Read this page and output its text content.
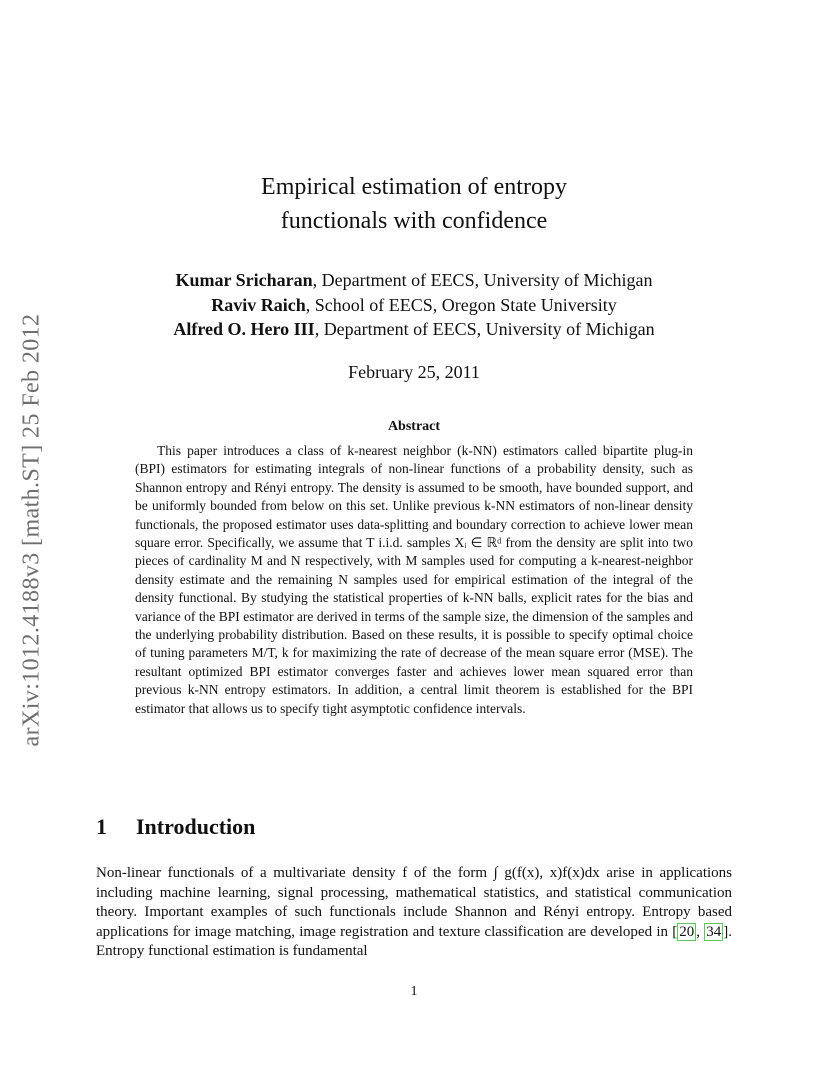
arXiv:1012.4188v3 [math.ST] 25 Feb 2012
Empirical estimation of entropy
functionals with confidence
Kumar Sricharan, Department of EECS, University of Michigan
Raviv Raich, School of EECS, Oregon State University
Alfred O. Hero III, Department of EECS, University of Michigan
February 25, 2011
Abstract

This paper introduces a class of k-nearest neighbor (k-NN) estimators called bipartite plug-in (BPI) estimators for estimating integrals of non-linear functions of a probability density, such as Shannon entropy and Rényi entropy. The density is assumed to be smooth, have bounded support, and be uniformly bounded from below on this set. Unlike previous k-NN estimators of non-linear density functionals, the proposed estimator uses data-splitting and boundary correction to achieve lower mean square error. Specifically, we assume that T i.i.d. samples Xᵢ ∈ ℝᵈ from the density are split into two pieces of cardinality M and N respectively, with M samples used for computing a k-nearest-neighbor density estimate and the remaining N samples used for empirical estimation of the integral of the density functional. By studying the statistical properties of k-NN balls, explicit rates for the bias and variance of the BPI estimator are derived in terms of the sample size, the dimension of the samples and the underlying probability distribution. Based on these results, it is possible to specify optimal choice of tuning parameters M/T, k for maximizing the rate of decrease of the mean square error (MSE). The resultant optimized BPI estimator converges faster and achieves lower mean squared error than previous k-NN entropy estimators. In addition, a central limit theorem is established for the BPI estimator that allows us to specify tight asymptotic confidence intervals.

1 Introduction

Non-linear functionals of a multivariate density f of the form ∫ g(f(x), x)f(x)dx arise in applications including machine learning, signal processing, mathematical statistics, and statistical communication theory. Important examples of such functionals include Shannon and Rényi entropy. Entropy based applications for image matching, image registration and texture classification are developed in [ 20 , 34 ]. Entropy functional estimation is fundamental

1
